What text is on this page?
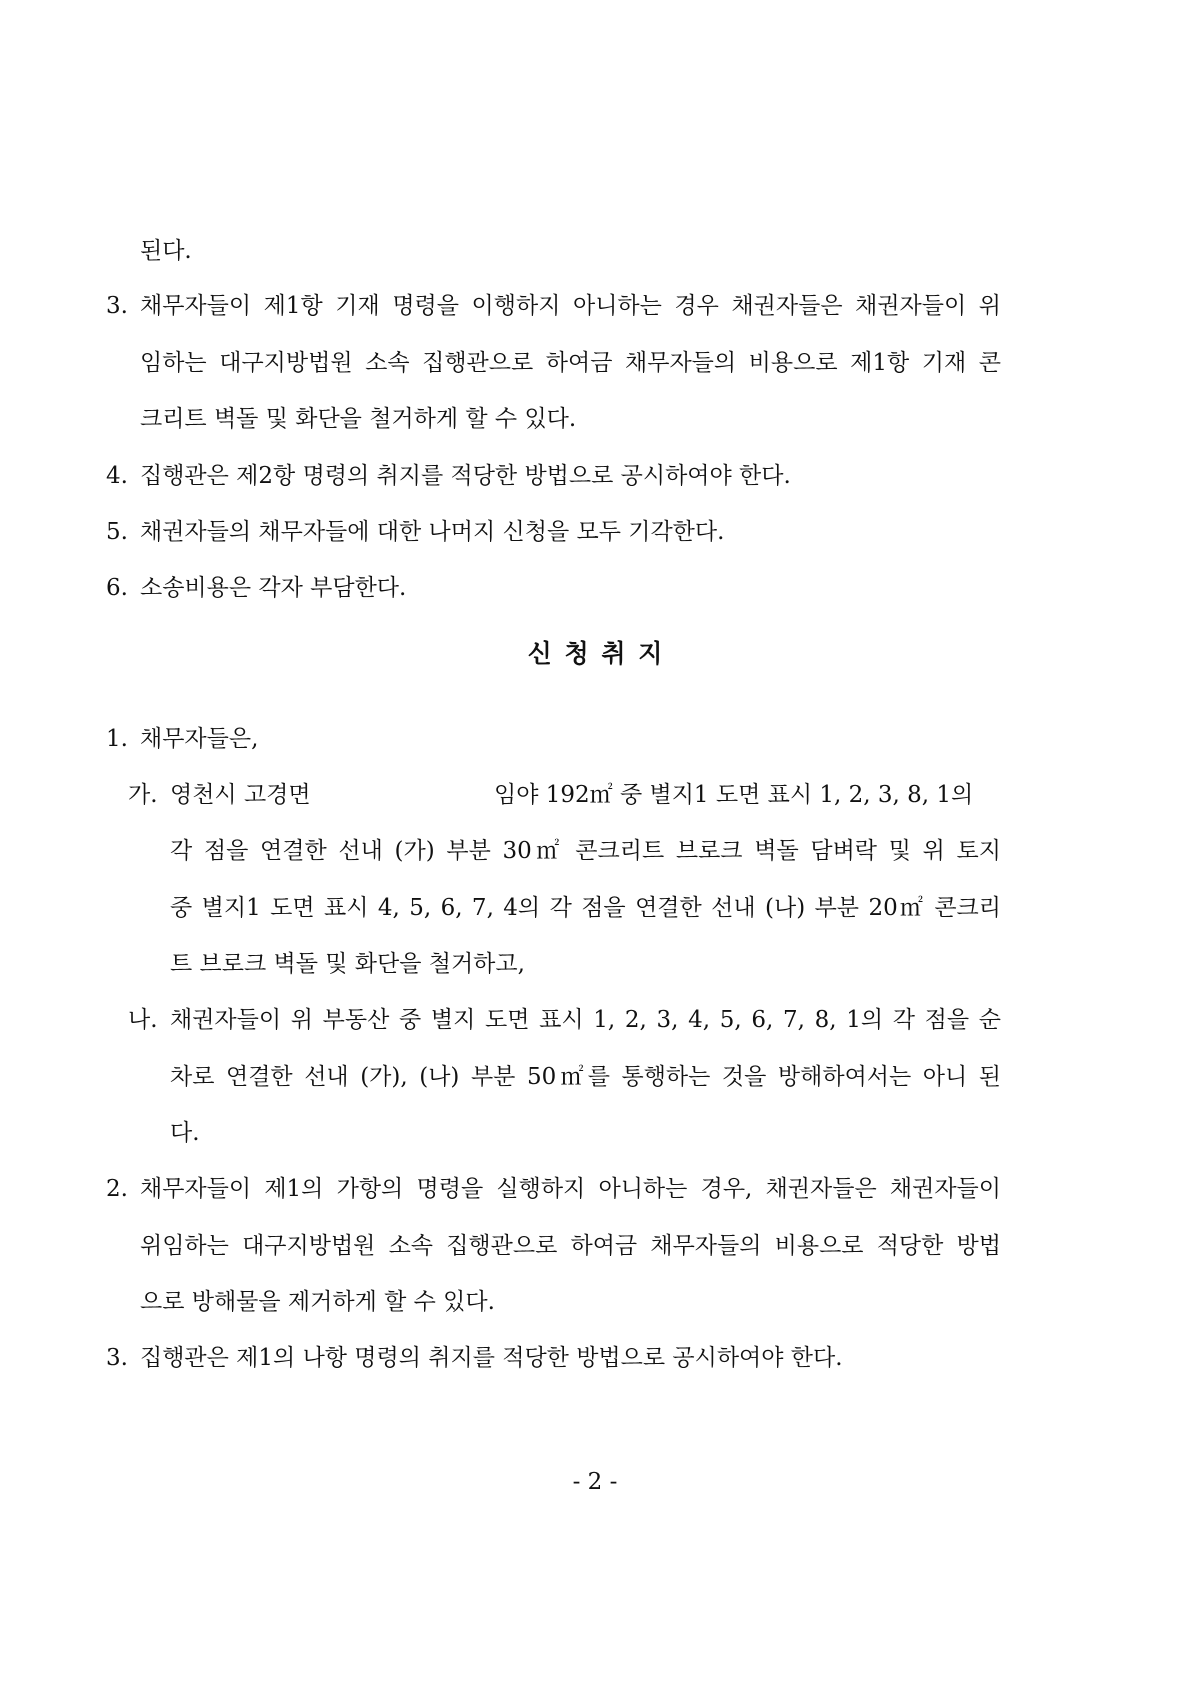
된다.
3. 채무자들이 제1항 기재 명령을 이행하지 아니하는 경우 채권자들은 채권자들이 위
임하는 대구지방법원 소속 집행관으로 하여금 채무자들의 비용으로 제1항 기재 콘
크리트 벽돌 및 화단을 철거하게 할 수 있다.
4. 집행관은 제2항 명령의 취지를 적당한 방법으로 공시하여야 한다.
5. 채권자들의 채무자들에 대한 나머지 신청을 모두 기각한다.
6. 소송비용은 각자 부담한다.
신 청 취 지
1. 채무자들은,
가. 영천시 고경면	임야 192㎡ 중 별지1 도면 표시 1, 2, 3, 8, 1의
각 점을 연결한 선내 (가) 부분 30㎡ 콘크리트 브로크 벽돌 담벼락 및 위 토지
중 별지1 도면 표시 4, 5, 6, 7, 4의 각 점을 연결한 선내 (나) 부분 20㎡ 콘크리
트 브로크 벽돌 및 화단을 철거하고,
나. 채권자들이 위 부동산 중 별지 도면 표시 1, 2, 3, 4, 5, 6, 7, 8, 1의 각 점을 순
차로 연결한 선내 (가), (나) 부분 50㎡를 통행하는 것을 방해하여서는 아니 된
다.
2. 채무자들이 제1의 가항의 명령을 실행하지 아니하는 경우, 채권자들은 채권자들이
위임하는 대구지방법원 소속 집행관으로 하여금 채무자들의 비용으로 적당한 방법
으로 방해물을 제거하게 할 수 있다.
3. 집행관은 제1의 나항 명령의 취지를 적당한 방법으로 공시하여야 한다.
- 2 -
